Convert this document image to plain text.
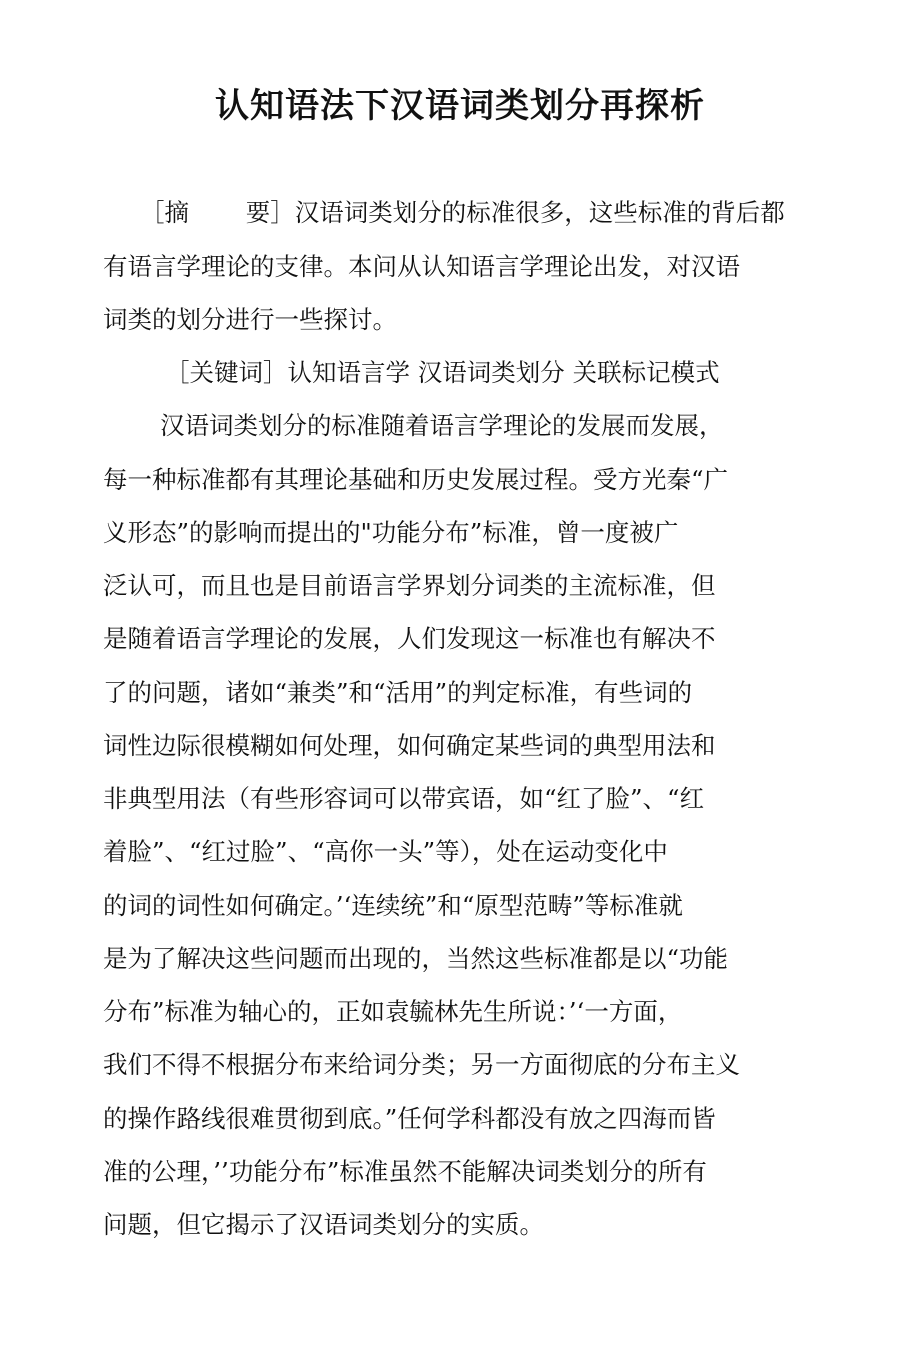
认知语法下汉语词类划分再探析

［摘　　 要］汉语词类划分的标准很多，这些标准的背后都

有语言学理论的支律。本问从认知语言学理论出发，对汉语

词类的划分进行一些探讨。

［关键词］认知语言学 汉语词类划分 关联标记模式

汉语词类划分的标准随着语言学理论的发展而发展，

每一种标准都有其理论基础和历史发展过程。受方光秦“广

义形态”的影响而提出的"功能分布”标准，曾一度被广

泛认可，而且也是目前语言学界划分词类的主流标准，但

是随着语言学理论的发展，人们发现这一标准也有解决不

了的问题，诸如“兼类”和“活用”的判定标准，有些词的

词性边际很模糊如何处理，如何确定某些词的典型用法和

非典型用法（有些形容词可以带宾语，如“红了脸”、“红

着脸”、“红过脸”、“高你一头”等），处在运动变化中

的词的词性如何确定。’‘连续统”和“原型范畴”等标准就

是为了解决这些问题而出现的，当然这些标准都是以“功能

分布”标准为轴心的，正如袁毓林先生所说：’‘一方面，

我们不得不根据分布来给词分类；另一方面彻底的分布主义

的操作路线很难贯彻到底。”任何学科都没有放之四海而皆

准的公理，’’功能分布”标准虽然不能解决词类划分的所有

问题，但它揭示了汉语词类划分的实质。
